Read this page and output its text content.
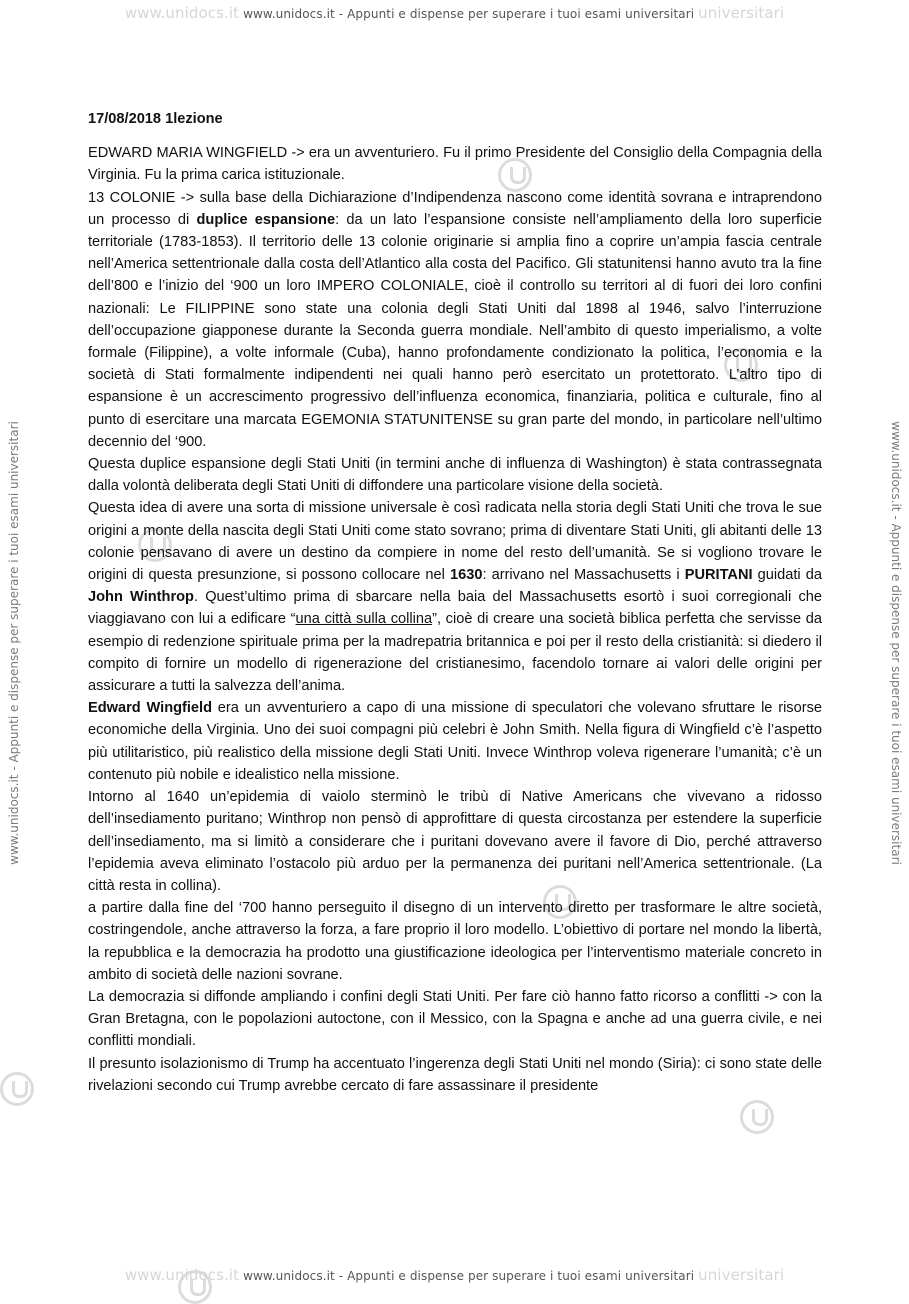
www.unidocs.it www.unidocs.it - Appunti e dispense per superare i tuoi esami universitari universitari
www.unidocs.it - Appunti e dispense per superare i tuoi esami universitari	www.unidocs.it - Appunti e dispense per superare i tuoi esami universitari
17/08/2018 1lezione

EDWARD MARIA WINGFIELD -> era un avventuriero. Fu il primo Presidente del Consiglio della Compagnia della Virginia. Fu la prima carica istituzionale.

13 COLONIE -> sulla base della Dichiarazione d’Indipendenza nascono come identità sovrana e intraprendono un processo di duplice espansione: da un lato l’espansione consiste nell’ampliamento della loro superficie territoriale (1783-1853). Il territorio delle 13 colonie originarie si amplia fino a coprire un’ampia fascia centrale nell’America settentrionale dalla costa dell’Atlantico alla costa del Pacifico. Gli statunitensi hanno avuto tra la fine dell’800 e l’inizio del ‘900 un loro IMPERO COLONIALE, cioè il controllo su territori al di fuori dei loro confini nazionali: Le FILIPPINE sono state una colonia degli Stati Uniti dal 1898 al 1946, salvo l’interruzione dell’occupazione giapponese durante la Seconda guerra mondiale. Nell’ambito di questo imperialismo, a volte formale (Filippine), a volte informale (Cuba), hanno profondamente condizionato la politica, l’economia e la società di Stati formalmente indipendenti nei quali hanno però esercitato un protettorato. L’altro tipo di espansione è un accrescimento progressivo dell’influenza economica, finanziaria, politica e culturale, fino al punto di esercitare una marcata EGEMONIA STATUNITENSE su gran parte del mondo, in particolare nell’ultimo decennio del ‘900.

Questa duplice espansione degli Stati Uniti (in termini anche di influenza di Washington) è stata contrassegnata dalla volontà deliberata degli Stati Uniti di diffondere una particolare visione della società.

Questa idea di avere una sorta di missione universale è così radicata nella storia degli Stati Uniti che trova le sue origini a monte della nascita degli Stati Uniti come stato sovrano; prima di diventare Stati Uniti, gli abitanti delle 13 colonie pensavano di avere un destino da compiere in nome del resto dell’umanità. Se si vogliono trovare le origini di questa presunzione, si possono collocare nel 1630: arrivano nel Massachusetts i PURITANI guidati da John Winthrop. Quest’ultimo prima di sbarcare nella baia del Massachusetts esortò i suoi corregionali che viaggiavano con lui a edificare “una città sulla collina”, cioè di creare una società biblica perfetta che servisse da esempio di redenzione spirituale prima per la madrepatria britannica e poi per il resto della cristianità: si diedero il compito di fornire un modello di rigenerazione del cristianesimo, facendolo tornare ai valori delle origini per assicurare a tutti la salvezza dell’anima.

Edward Wingfield era un avventuriero a capo di una missione di speculatori che volevano sfruttare le risorse economiche della Virginia. Uno dei suoi compagni più celebri è John Smith. Nella figura di Wingfield c’è l’aspetto più utilitaristico, più realistico della missione degli Stati Uniti. Invece Winthrop voleva rigenerare l’umanità; c’è un contenuto più nobile e idealistico nella missione.

Intorno al 1640 un’epidemia di vaiolo sterminò le tribù di Native Americans che vivevano a ridosso dell’insediamento puritano; Winthrop non pensò di approfittare di questa circostanza per estendere la superficie dell’insediamento, ma si limitò a considerare che i puritani dovevano avere il favore di Dio, perché attraverso l’epidemia aveva eliminato l’ostacolo più arduo per la permanenza dei puritani nell’America settentrionale. (La città resta in collina).

a partire dalla fine del ‘700 hanno perseguito il disegno di un intervento diretto per trasformare le altre società, costringendole, anche attraverso la forza, a fare proprio il loro modello. L’obiettivo di portare nel mondo la libertà, la repubblica e la democrazia ha prodotto una giustificazione ideologica per l’interventismo materiale concreto in ambito di società delle nazioni sovrane.

La democrazia si diffonde ampliando i confini degli Stati Uniti. Per fare ciò hanno fatto ricorso a conflitti -> con la Gran Bretagna, con le popolazioni autoctone, con il Messico, con la Spagna e anche ad una guerra civile, e nei conflitti mondiali.

Il presunto isolazionismo di Trump ha accentuato l’ingerenza degli Stati Uniti nel mondo (Siria): ci sono state delle rivelazioni secondo cui Trump avrebbe cercato di fare assassinare il presidente

www.unidocs.it www.unidocs.it - Appunti e dispense per superare i tuoi esami universitari universitari
